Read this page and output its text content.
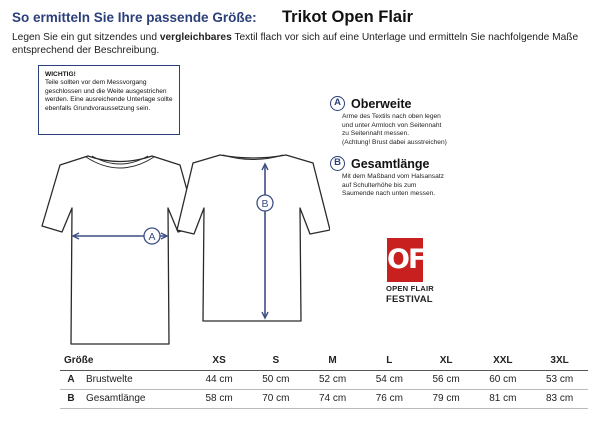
So ermitteln Sie Ihre passende Größe: Trikot Open Flair

Legen Sie ein gut sitzendes und vergleichbares Textil flach vor sich auf eine Unterlage und ermitteln Sie nachfolgende Maße entsprechend der Beschreibung.

WICHTIG!
Teile sollten vor dem Messvorgang geschlossen und die Weite ausgestrichen werden. Eine ausreichende Unterlage sollte ebenfalls Grundvoraussetzung sein.
A
B
A Oberweite
Arme des Textils nach oben legen
und unter Armloch von Seitennaht
zu Seitennaht messen.
(Achtung! Brust dabei ausstreichen)
B Gesamtlänge
Mit dem Maßband vom Halsansatz
auf Schulterhöhe bis zum
Saumende nach unten messen.
OF
OPEN FLAIR
FESTIVAL
Größe		XS	S	M	L	XL	XXL	3XL
A	Brustwelte	44 cm	50 cm	52 cm	54 cm	56 cm	60 cm	53 cm
B	Gesamtlänge	58 cm	70 cm	74 cm	76 cm	79 cm	81 cm	83 cm
